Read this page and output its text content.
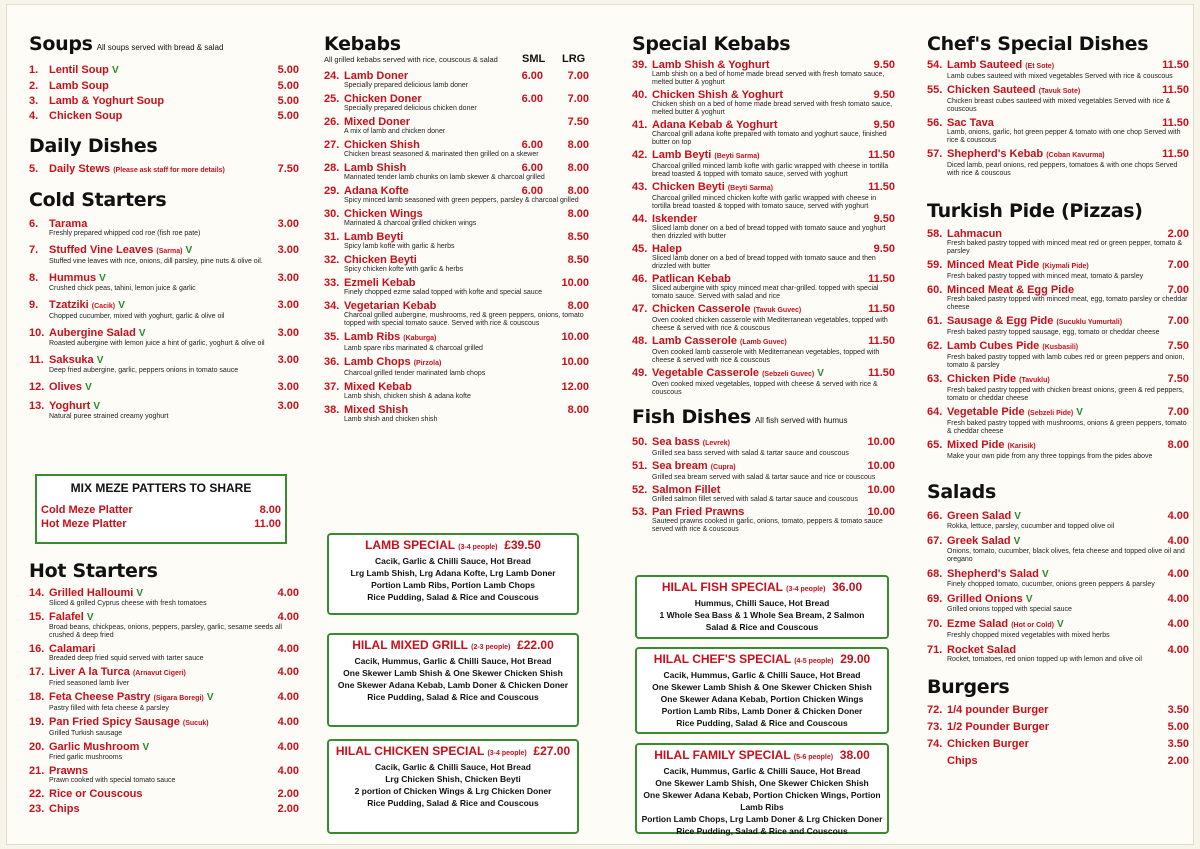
Soups All soups served with bread & salad
1. Lentil Soup V	5.00
2. Lamb Soup	5.00
3. Lamb & Yoghurt Soup	5.00
4. Chicken Soup	5.00
Daily Dishes
5. Daily Stews (Please ask staff for more details)	7.50
Cold Starters
6. Tarama	3.00
Freshly prepared whipped cod roe (fish roe pate)
7. Stuffed Vine Leaves (Sarma) V	3.00
Stuffed vine leaves with rice, onions, dill parsley, pine nuts & olive oil.
8. Hummus V	3.00
Crushed chick peas, tahini, lemon juice & garlic
9. Tzatziki (Cacik) V	3.00
Chopped cucumber, mixed with yoghurt, garlic & olive oil
10. Aubergine Salad V	3.00
Roasted aubergine with lemon juice a hint of garlic, yoghurt & olive oil
11. Saksuka V	3.00
Deep fried aubergine, garlic, peppers onions in tomato sauce
12. Olives V	3.00
13. Yoghurt V	3.00
Natural puree strained creamy yoghurt
MIX MEZE PATTERS TO SHARE
Cold Meze Platter	8.00
Hot Meze Platter	11.00
Hot Starters
14. Grilled Halloumi V	4.00
Sliced & grilled Cyprus cheese with fresh tomatoes
15. Falafel V	4.00
Broad beans, chickpeas, onions, peppers, parsley, garlic, sesame seeds all crushed & deep fried
16. Calamari	4.00
Breaded deep fried squid served with tarter sauce
17. Liver A la Turca (Arnavut Cigeri)	4.00
Fried seasoned lamb liver
18. Feta Cheese Pastry (Sigara Boregi) V	4.00
Pastry filled with feta cheese & parsley
19. Pan Fried Spicy Sausage (Sucuk)	4.00
Grilled Turkish sausage
20. Garlic Mushroom V	4.00
Fried garlic mushrooms
21. Prawns	4.00
Prawn cooked with special tomato sauce
22. Rice or Couscous	2.00
23. Chips	2.00
Kebabs
All grilled kebabs served with rice, couscous & salad SML LRG
24. Lamb Doner	6.00 7.00
Specially prepared delicious lamb doner
25. Chicken Doner	6.00 7.00
Specially prepared delicious chicken doner
26. Mixed Doner	7.50
A mix of lamb and chicken doner
27. Chicken Shish	6.00 8.00
Chicken breast seasoned & marinated then grilled on a skewer
28. Lamb Shish	6.00 8.00
Marinated tender lamb chunks on lamb skewer & charcoal grilled
29. Adana Kofte	6.00 8.00
Spicy minced lamb seasoned with green peppers, parsley & charcoal grilled
30. Chicken Wings	8.00
Marinated & charcoal grilled chicken wings
31. Lamb Beyti	8.50
Spicy lamb kofte with garlic & herbs
32. Chicken Beyti	8.50
Spicy chicken kofte with garlic & herbs
33. Ezmeli Kebab	10.00
Finely chopped ezme salad topped with kofte and special sauce
34. Vegetarian Kebab	8.00
Charcoal grilled aubergine, mushrooms, red & green peppers, onions, tomato topped with special tomato sauce. Served with rice & couscous
35. Lamb Ribs (Kaburga)	10.00
Lamb spare ribs marinated & charcoal grilled
36. Lamb Chops (Pirzola)	10.00
Charcoal grilled tender marinated lamb chops
37. Mixed Kebab	12.00
Lamb shish, chicken shish & adana kofte
38. Mixed Shish	8.00
Lamb shish and chicken shish
LAMB SPECIAL (3-4 people) £39.50
Cacik, Garlic & Chilli Sauce, Hot Bread
Lrg Lamb Shish, Lrg Adana Kofte, Lrg Lamb Doner
Portion Lamb Ribs, Portion Lamb Chops
Rice Pudding, Salad & Rice and Couscous
HILAL MIXED GRILL (2-3 people) £22.00
Cacik, Hummus, Garlic & Chilli Sauce, Hot Bread
One Skewer Lamb Shish & One Skewer Chicken Shish
One Skewer Adana Kebab, Lamb Doner & Chicken Doner
Rice Pudding, Salad & Rice and Couscous
HILAL CHICKEN SPECIAL (3-4 people) £27.00
Cacik, Garlic & Chilli Sauce, Hot Bread
Lrg Chicken Shish, Chicken Beyti
2 portion of Chicken Wings & Lrg Chicken Doner
Rice Pudding, Salad & Rice and Couscous
Special Kebabs
39. Lamb Shish & Yoghurt	9.50
Lamb shish on a bed of home made bread served with fresh tomato sauce, melted butter & yoghurt
40. Chicken Shish & Yoghurt	9.50
Chicken shish on a bed of home made bread served with fresh tomato sauce, melted butter & yoghurt
41. Adana Kebab & Yoghurt	9.50
Charcoal grill adana kofte prepared with tomato and yoghurt sauce, finished butter on top
42. Lamb Beyti (Beyti Sarma)	11.50
Charcoal grilled minced lamb kofte with garlic wrapped with cheese in tortilla bread toasted & topped with tomato sauce, served with yoghurt
43. Chicken Beyti (Beyti Sarma)	11.50
Charcoal grilled minced chicken kofte with garlic wrapped with cheese in tortilla bread toasted & topped with tomato sauce, served with yoghurt
44. Iskender	9.50
Sliced lamb doner on a bed of bread topped with tomato sauce and yoghurt then drizzled with butter
45. Halep	9.50
Sliced lamb doner on a bed of bread topped with tomato sauce and then drizzled with butter
46. Patlican Kebab	11.50
Sliced aubergine with spicy minced meat char-grilled. topped with special tomato sauce. Served with salad and rice
47. Chicken Casserole (Tavuk Guvec)	11.50
Oven cooked chicken casserole with Mediterranean vegetables, topped with cheese & served with rice & couscous
48. Lamb Casserole (Lamb Guvec)	11.50
Oven cooked lamb casserole with Mediterranean vegetables, topped with cheese & served with rice & couscous
49. Vegetable Casserole (Sebzeli Guvec) V	11.50
Oven cooked mixed vegetables, topped with cheese & served with rice & couscous
Fish Dishes All fish served with humus
50. Sea bass (Levrek)	10.00
Grilled sea bass served with salad & tartar sauce and couscous
51. Sea bream (Cupra)	10.00
Grilled sea bream served with salad & tartar sauce and rice or couscous
52. Salmon Fillet	10.00
Grilled salmon fillet served with salad & tartar sauce and couscous
53. Pan Fried Prawns	10.00
Sauteed prawns cooked in garlic, onions, tomato, peppers & tomato sauce served with rice & couscous
HILAL FISH SPECIAL (3-4 people) 36.00
Hummus, Chilli Sauce, Hot Bread
1 Whole Sea Bass & 1 Whole Sea Bream, 2 Salmon
Salad & Rice and Couscous
HILAL CHEF'S SPECIAL (4-5 people) 29.00
Cacik, Hummus, Garlic & Chilli Sauce, Hot Bread
One Skewer Lamb Shish & One Skewer Chicken Shish
One Skewer Adana Kebab, Portion Chicken Wings
Portion Lamb Ribs, Lamb Doner & Chicken Doner
Rice Pudding, Salad & Rice and Couscous
HILAL FAMILY SPECIAL (5-6 people) 38.00
Cacik, Hummus, Garlic & Chilli Sauce, Hot Bread
One Skewer Lamb Shish, One Skewer Chicken Shish
One Skewer Adana Kebab, Portion Chicken Wings, Portion Lamb Ribs
Portion Lamb Chops, Lrg Lamb Doner & Lrg Chicken Doner
Rice Pudding, Salad & Rice and Couscous
Chef's Special Dishes
54. Lamb Sauteed (Et Sote)	11.50
Lamb cubes sauteed with mixed vegetables Served with rice & couscous
55. Chicken Sauteed (Tavuk Sote)	11.50
Chicken breast cubes sauteed with mixed vegetables Served with rice & couscous
56. Sac Tava	11.50
Lamb, onions, garlic, hot green pepper & tomato with one chop Served with rice & couscous
57. Shepherd's Kebab (Coban Kavurma)	11.50
Diced lamb, pearl onions, red peppers, tomatoes & with one chops Served with rice & couscous
Turkish Pide (Pizzas)
58. Lahmacun	2.00
Fresh baked pastry topped with minced meat red or green pepper, tomato & parsley
59. Minced Meat Pide (Kiymali Pide)	7.00
Fresh baked pastry topped with minced meat, tomato & parsley
60. Minced Meat & Egg Pide	7.00
Fresh baked pastry topped with minced meat, egg, tomato parsley or cheddar cheese
61. Sausage & Egg Pide (Sucuklu Yumurtali)	7.00
Fresh baked pastry topped sausage, egg, tomato or cheddar cheese
62. Lamb Cubes Pide (Kusbasili)	7.50
Fresh baked pastry topped with lamb cubes red or green peppers and onion, tomato & parsley
63. Chicken Pide (Tavuklu)	7.50
Fresh baked pastry topped with chicken breast onions, green & red peppers, tomato or cheddar cheese
64. Vegetable Pide (Sebzeli Pide) V	7.00
Fresh baked pastry topped with mushrooms, onions & green peppers, tomato & cheddar cheese
65. Mixed Pide (Karisik)	8.00
Make your own pide from any three toppings from the pides above
Salads
66. Green Salad V	4.00
Rokka, lettuce, parsley, cucumber and topped olive oil
67. Greek Salad V	4.00
Onions, tomato, cucumber, black olives, feta cheese and topped olive oil and oregano
68. Shepherd's Salad V	4.00
Finely chopped tomato, cucumber, onions green peppers & parsley
69. Grilled Onions V	4.00
Grilled onions topped with special sauce
70. Ezme Salad (Hot or Cold) V	4.00
Freshly chopped mixed vegetables with mixed herbs
71. Rocket Salad	4.00
Rocket, tomatoes, red onion topped up with lemon and olive oil
Burgers
72. 1/4 pounder Burger	3.50
73. 1/2 Pounder Burger	5.00
74. Chicken Burger	3.50
Chips	2.00
